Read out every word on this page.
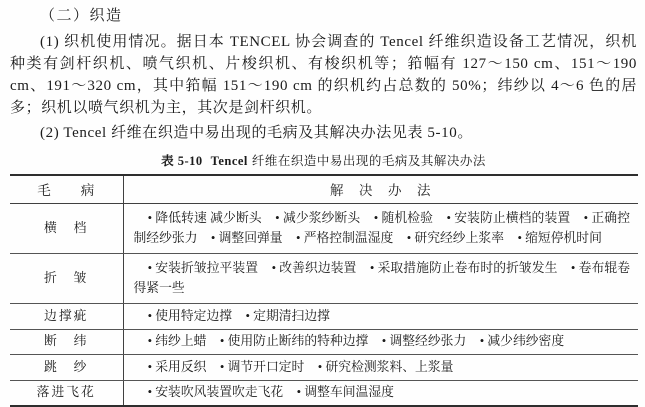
（二）织造

(1) 织机使用情况。据日本 TENCEL 协会调查的 Tencel 纤维织造设备工艺情况，织机种类有剑杆织机、喷气织机、片梭织机、有梭织机等；筘幅有 127～150 cm、151～190 cm、191～320 cm，其中筘幅 151～190 cm 的织机约占总数的 50%；纬纱以 4～6 色的居多；织机以喷气织机为主，其次是剑杆织机。

(2) Tencel 纤维在织造中易出现的毛病及其解决办法见表 5-10。

表 5-10 Tencel 纤维在织造中易出现的毛病及其解决办法
毛　　病	解　决　办　法
横　档	• 降低转速 减少断头 • 减少浆纱断头 • 随机检验 • 安装防止横档的装置 • 正确控制经纱张力 • 调整回弹量 • 严格控制温湿度 • 研究经纱上浆率 • 缩短停机时间
折　皱	• 安装折皱拉平装置 • 改善织边装置 • 采取措施防止卷布时的折皱发生 • 卷布辊卷得紧一些
边撑疵	• 使用特定边撑 • 定期清扫边撑
断　纬	• 纬纱上蜡 • 使用防止断纬的特种边撑 • 调整经纱张力 • 减少纬纱密度
跳　纱	• 采用反织 • 调节开口定时 • 研究检测浆料、上浆量
落进飞花	• 安装吹风装置吹走飞花 • 调整车间温湿度
